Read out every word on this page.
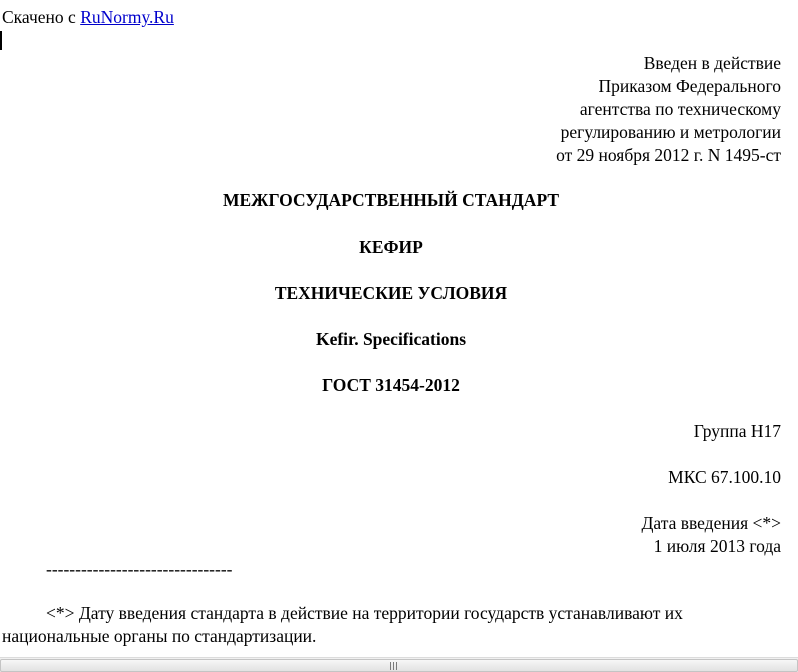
Скачено с RuNormy.Ru
Введен в действие
Приказом Федерального
агентства по техническому
регулированию и метрологии
от 29 ноября 2012 г. N 1495-ст
МЕЖГОСУДАРСТВЕННЫЙ СТАНДАРТ
КЕФИР
ТЕХНИЧЕСКИЕ УСЛОВИЯ
Kefir. Specifications
ГОСТ 31454-2012
Группа Н17
МКС 67.100.10
Дата введения <*>
1 июля 2013 года
--------------------------------
<*> Дату введения стандарта в действие на территории государств устанавливают их
национальные органы по стандартизации.
